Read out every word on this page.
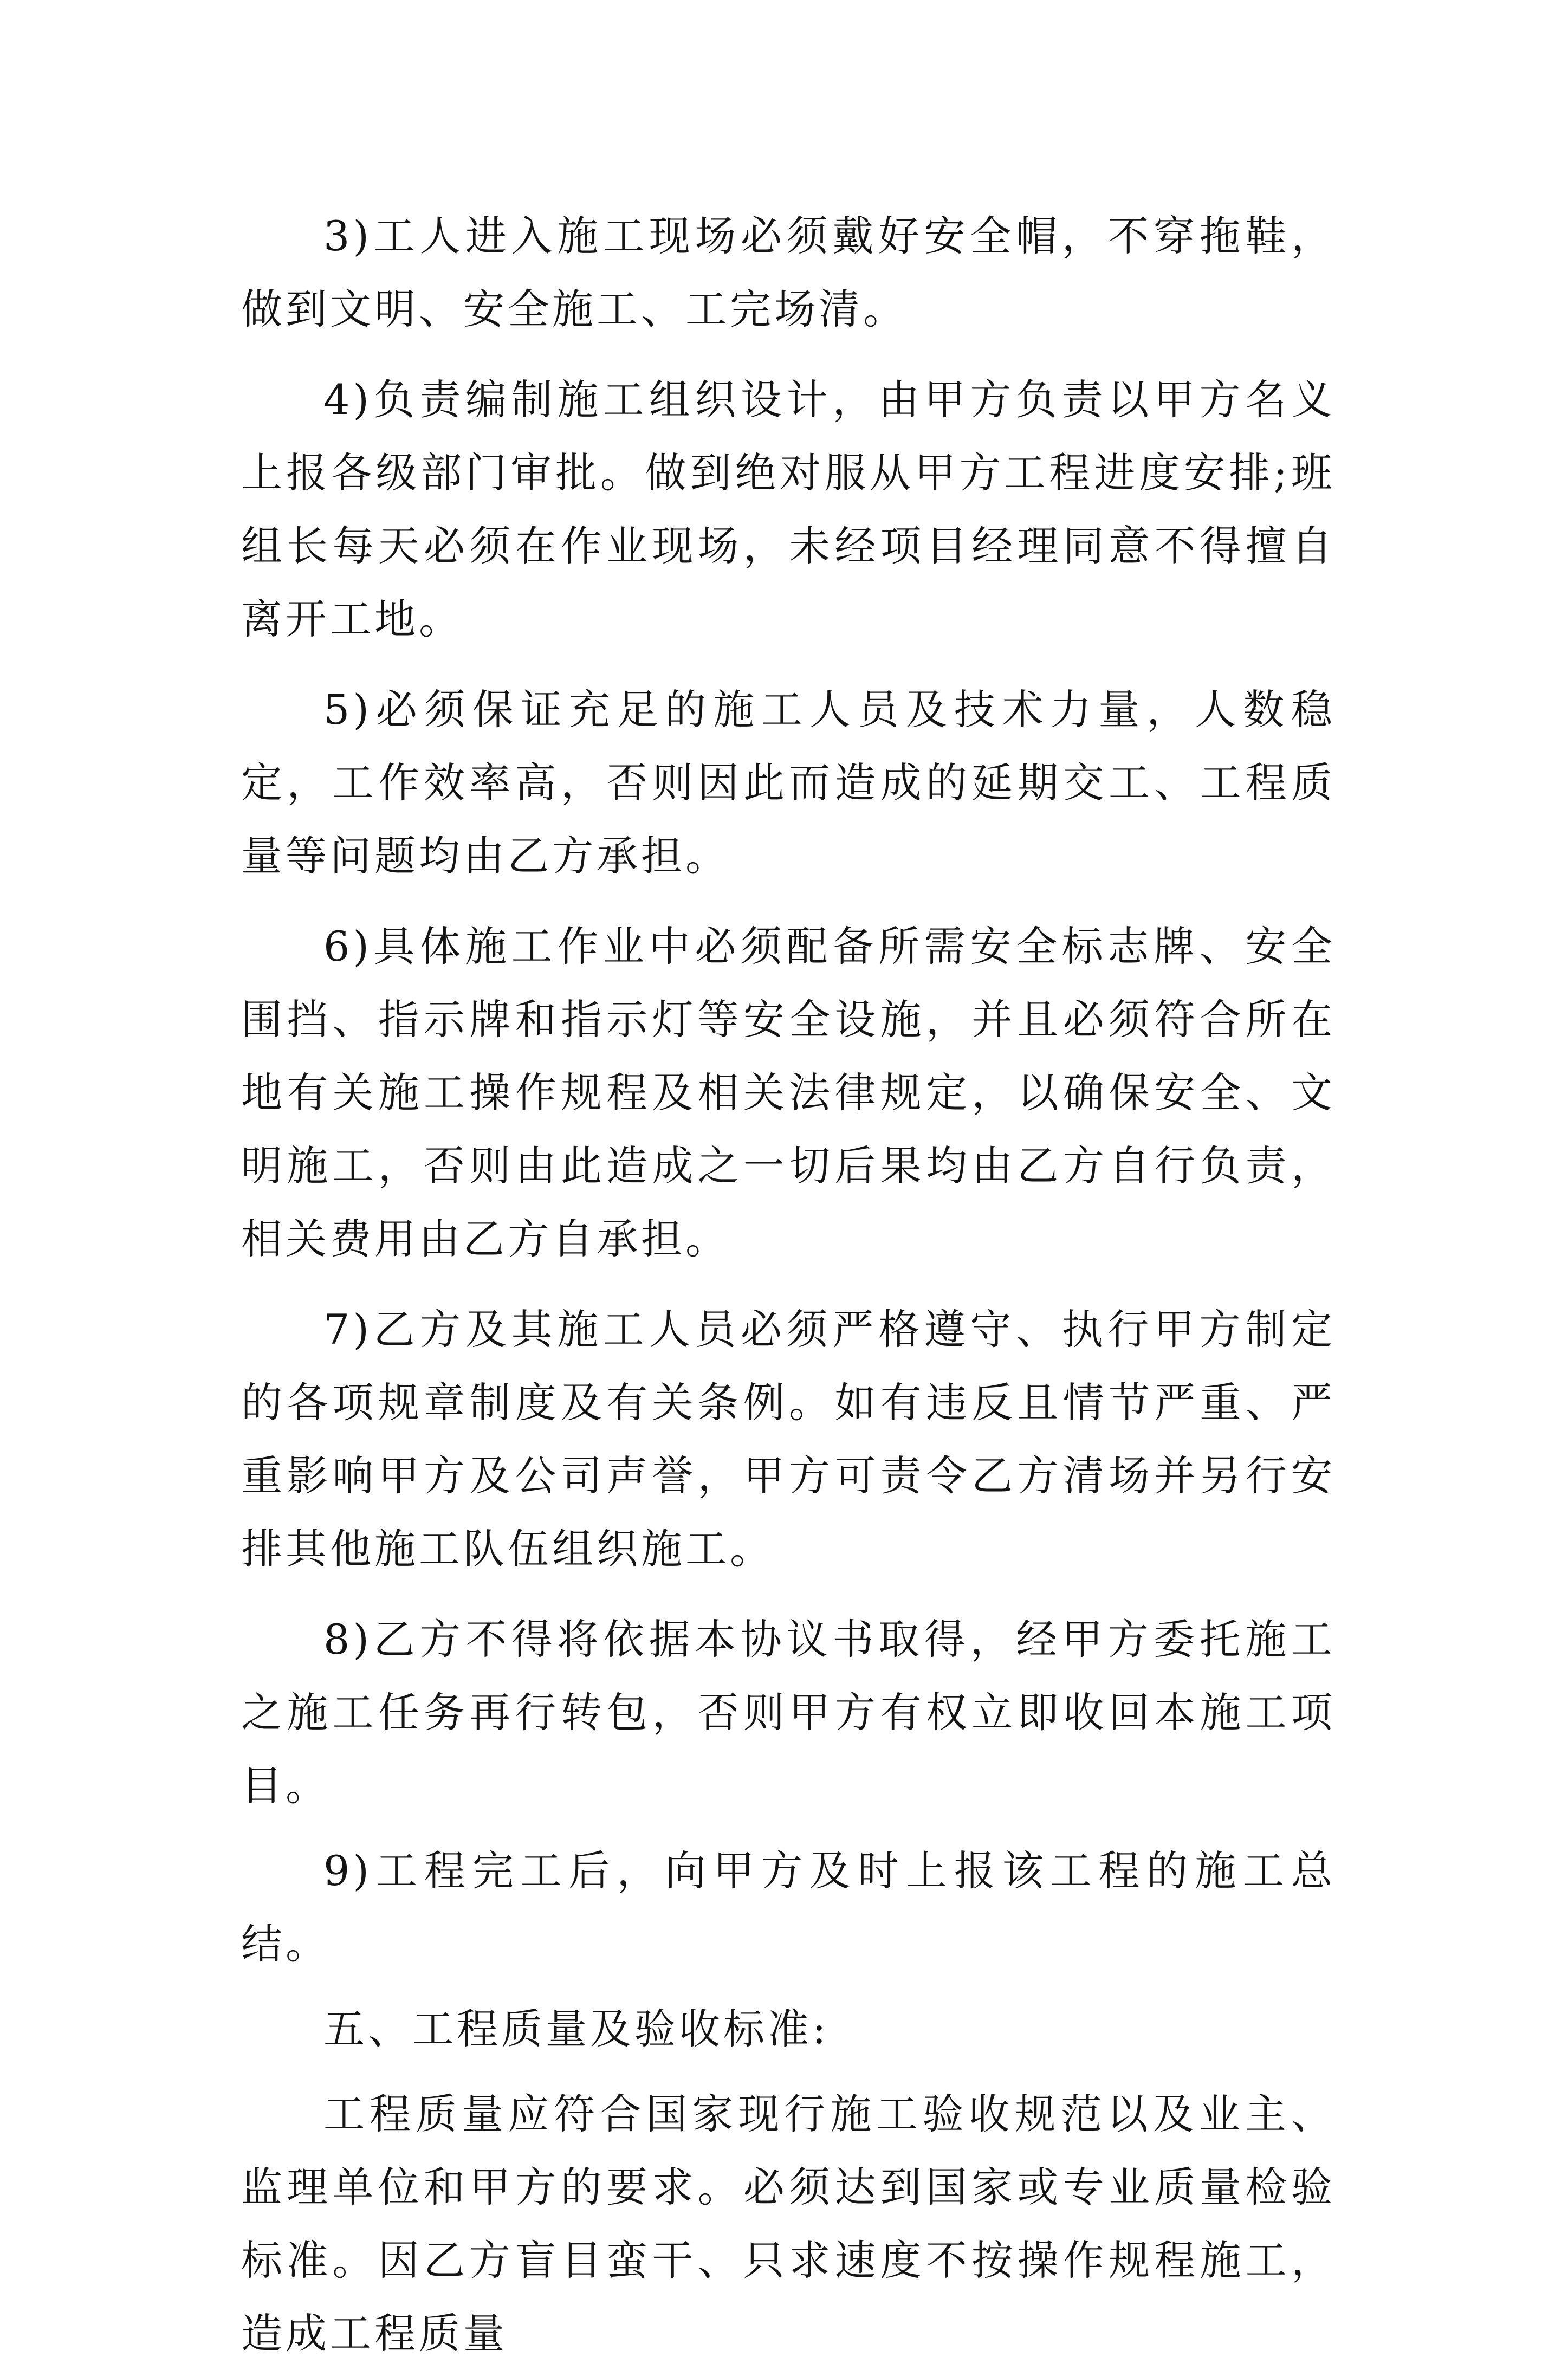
3)工人进入施工现场必须戴好安全帽，不穿拖鞋，做到文明、安全施工、工完场清。

4)负责编制施工组织设计，由甲方负责以甲方名义上报各级部门审批。做到绝对服从甲方工程进度安排;班组长每天必须在作业现场，未经项目经理同意不得擅自离开工地。

5)必须保证充足的施工人员及技术力量，人数稳定，工作效率高，否则因此而造成的延期交工、工程质量等问题均由乙方承担。

6)具体施工作业中必须配备所需安全标志牌、安全围挡、指示牌和指示灯等安全设施，并且必须符合所在地有关施工操作规程及相关法律规定，以确保安全、文明施工，否则由此造成之一切后果均由乙方自行负责，相关费用由乙方自承担。

7)乙方及其施工人员必须严格遵守、执行甲方制定的各项规章制度及有关条例。如有违反且情节严重、严重影响甲方及公司声誉，甲方可责令乙方清场并另行安排其他施工队伍组织施工。

8)乙方不得将依据本协议书取得，经甲方委托施工之施工任务再行转包，否则甲方有权立即收回本施工项目。

9)工程完工后，向甲方及时上报该工程的施工总结。

五、工程质量及验收标准:

工程质量应符合国家现行施工验收规范以及业主、监理单位和甲方的要求。必须达到国家或专业质量检验标准。因乙方盲目蛮干、只求速度不按操作规程施工，造成工程质量
